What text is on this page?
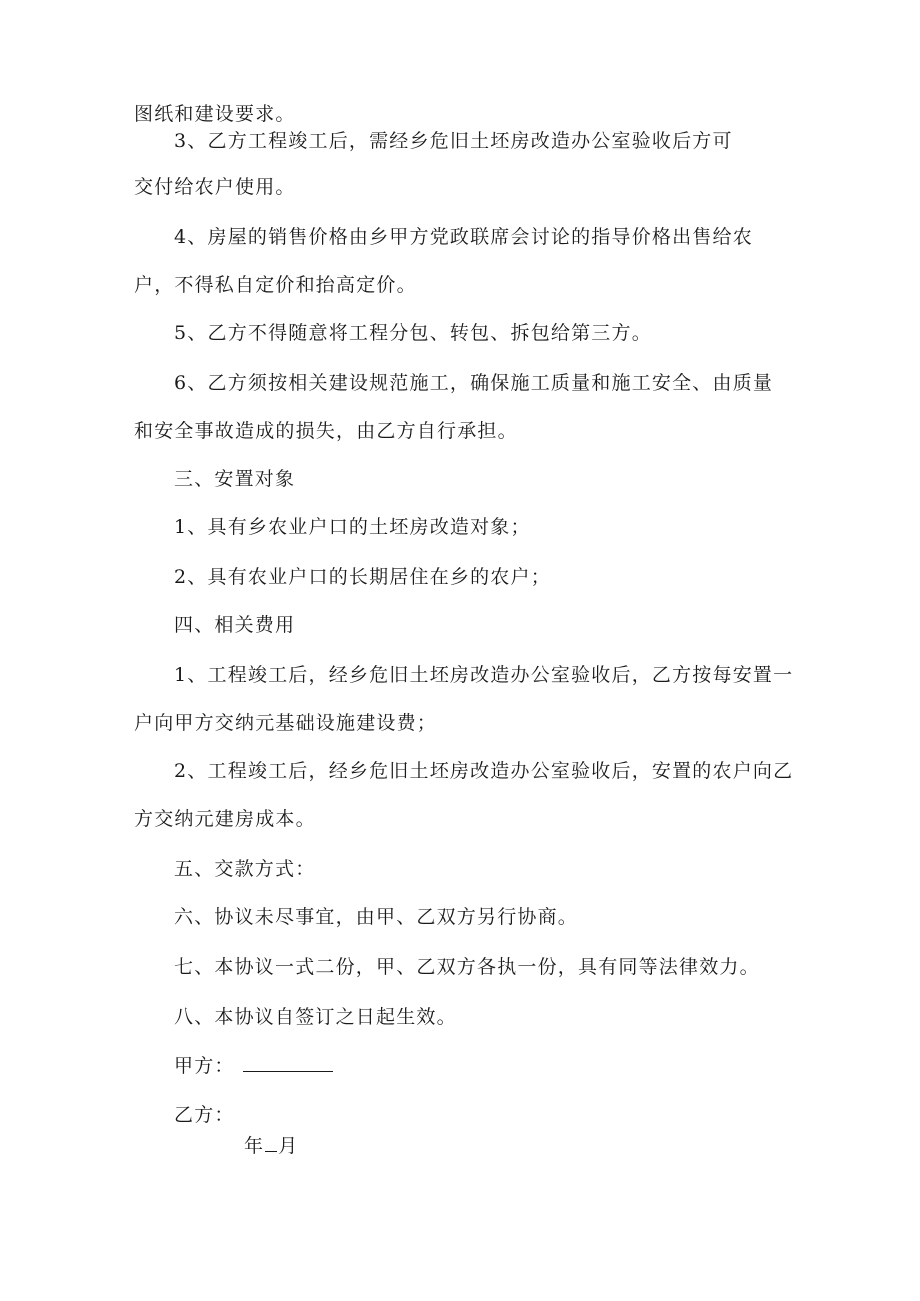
图纸和建设要求。
3、乙方工程竣工后，需经乡危旧土坯房改造办公室验收后方可
交付给农户使用。
4、房屋的销售价格由乡甲方党政联席会讨论的指导价格出售给农
户，不得私自定价和抬高定价。
5、乙方不得随意将工程分包、转包、拆包给第三方。
6、乙方须按相关建设规范施工，确保施工质量和施工安全、由质量
和安全事故造成的损失，由乙方自行承担。
三、安置对象
1、具有乡农业户口的土坯房改造对象；
2、具有农业户口的长期居住在乡的农户；
四、相关费用
1、工程竣工后，经乡危旧土坯房改造办公室验收后，乙方按每安置一
户向甲方交纳元基础设施建设费；
2、工程竣工后，经乡危旧土坯房改造办公室验收后，安置的农户向乙
方交纳元建房成本。
五、交款方式：
六、协议未尽事宜，由甲、乙双方另行协商。
七、本协议一式二份，甲、乙双方各执一份，具有同等法律效力。
八、本协议自签订之日起生效。
甲方：
乙方：
年 月
